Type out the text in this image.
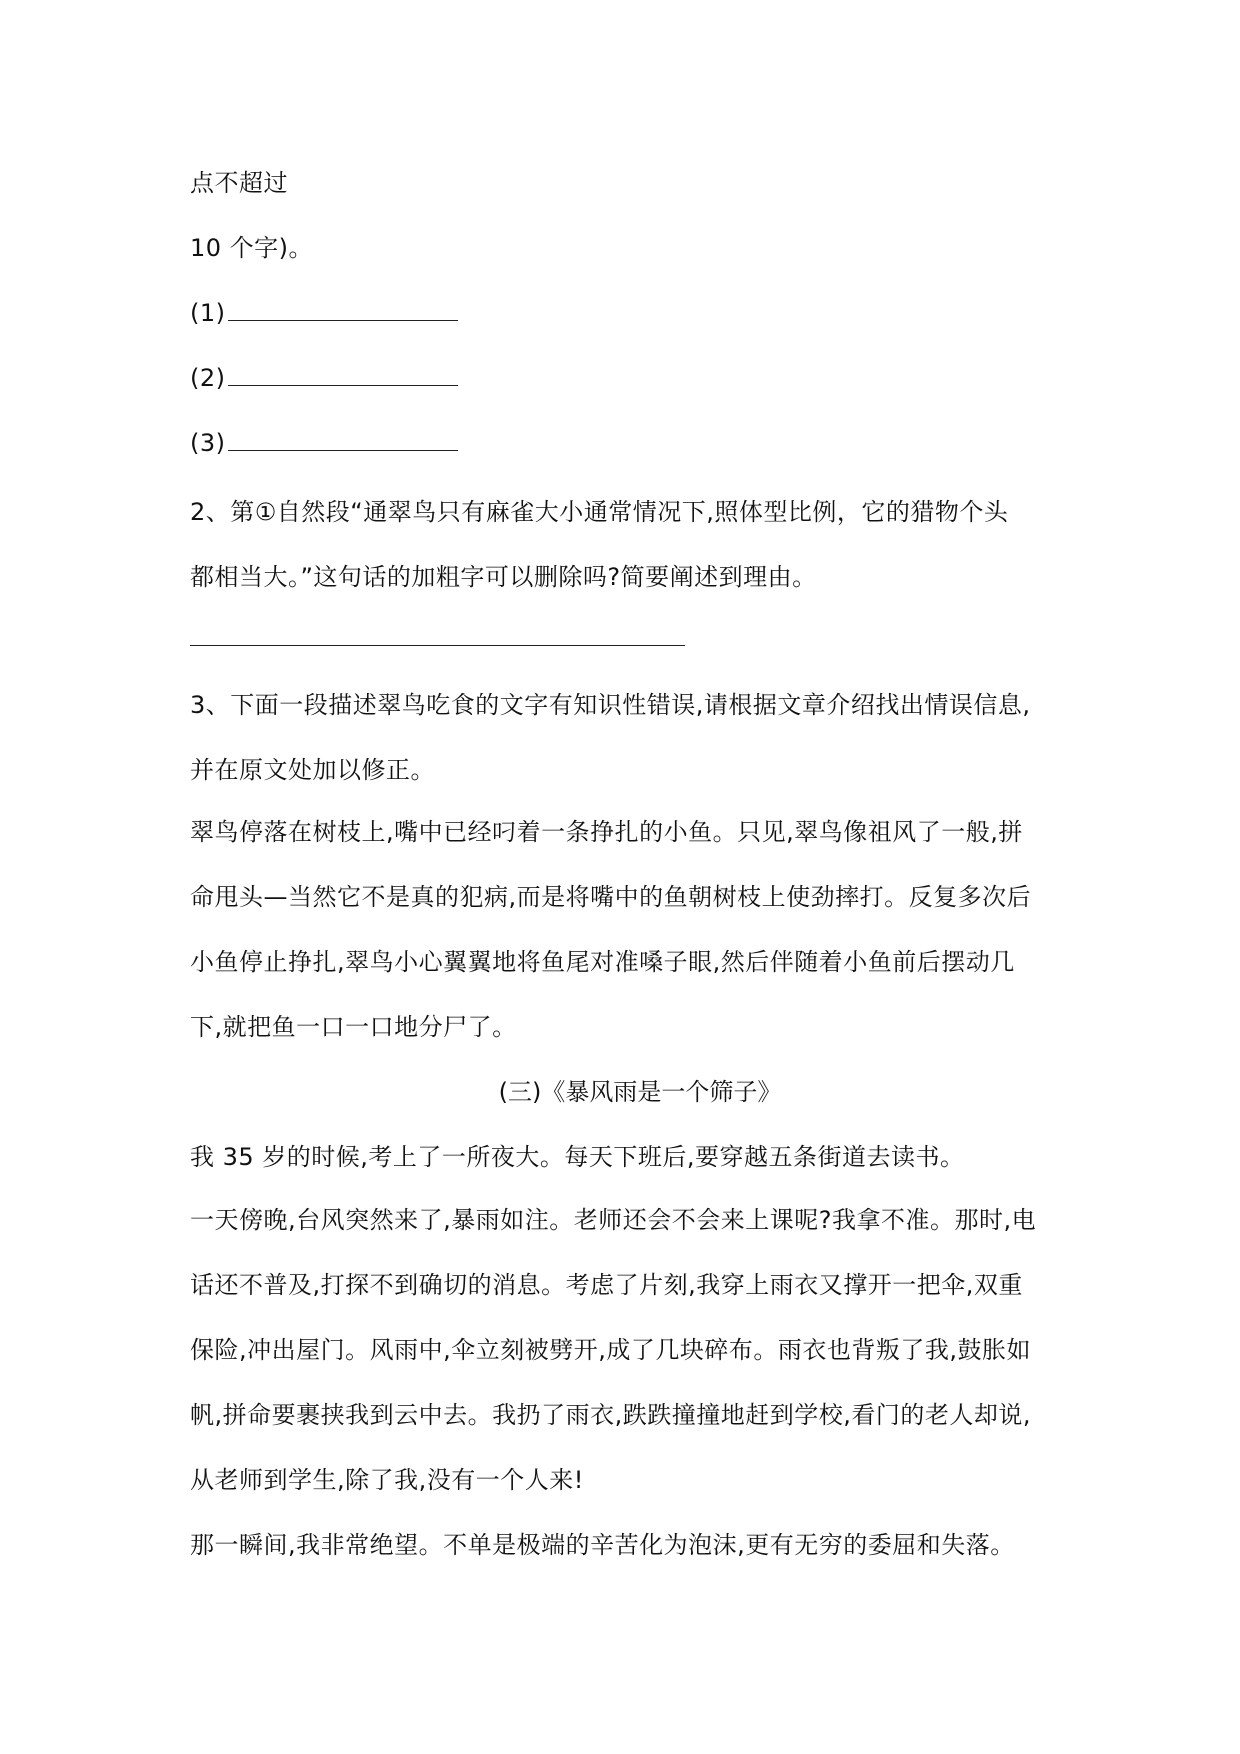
点不超过
10 个字)。
(1)
(2)
(3)
2、第①自然段“通翠鸟只有麻雀大小通常情况下,照体型比例，它的猎物个头
都相当大。”这句话的加粗字可以删除吗?简要阐述到理由。
3、下面一段描述翠鸟吃食的文字有知识性错误,请根据文章介绍找出情误信息,
并在原文处加以修正。
翠鸟停落在树枝上,嘴中已经叼着一条挣扎的小鱼。只见,翠鸟像祖风了一般,拼
命甩头—当然它不是真的犯病,而是将嘴中的鱼朝树枝上使劲摔打。反复多次后
小鱼停止挣扎,翠鸟小心翼翼地将鱼尾对准嗓子眼,然后伴随着小鱼前后摆动几
下,就把鱼一口一口地分尸了。
(三)《暴风雨是一个筛子》
我 35 岁的时候,考上了一所夜大。每天下班后,要穿越五条街道去读书。
一天傍晚,台风突然来了,暴雨如注。老师还会不会来上课呢?我拿不准。那时,电
话还不普及,打探不到确切的消息。考虑了片刻,我穿上雨衣又撑开一把伞,双重
保险,冲出屋门。风雨中,伞立刻被劈开,成了几块碎布。雨衣也背叛了我,鼓胀如
帆,拼命要裹挟我到云中去。我扔了雨衣,跌跌撞撞地赶到学校,看门的老人却说,
从老师到学生,除了我,没有一个人来!
那一瞬间,我非常绝望。不单是极端的辛苦化为泡沫,更有无穷的委屈和失落。
